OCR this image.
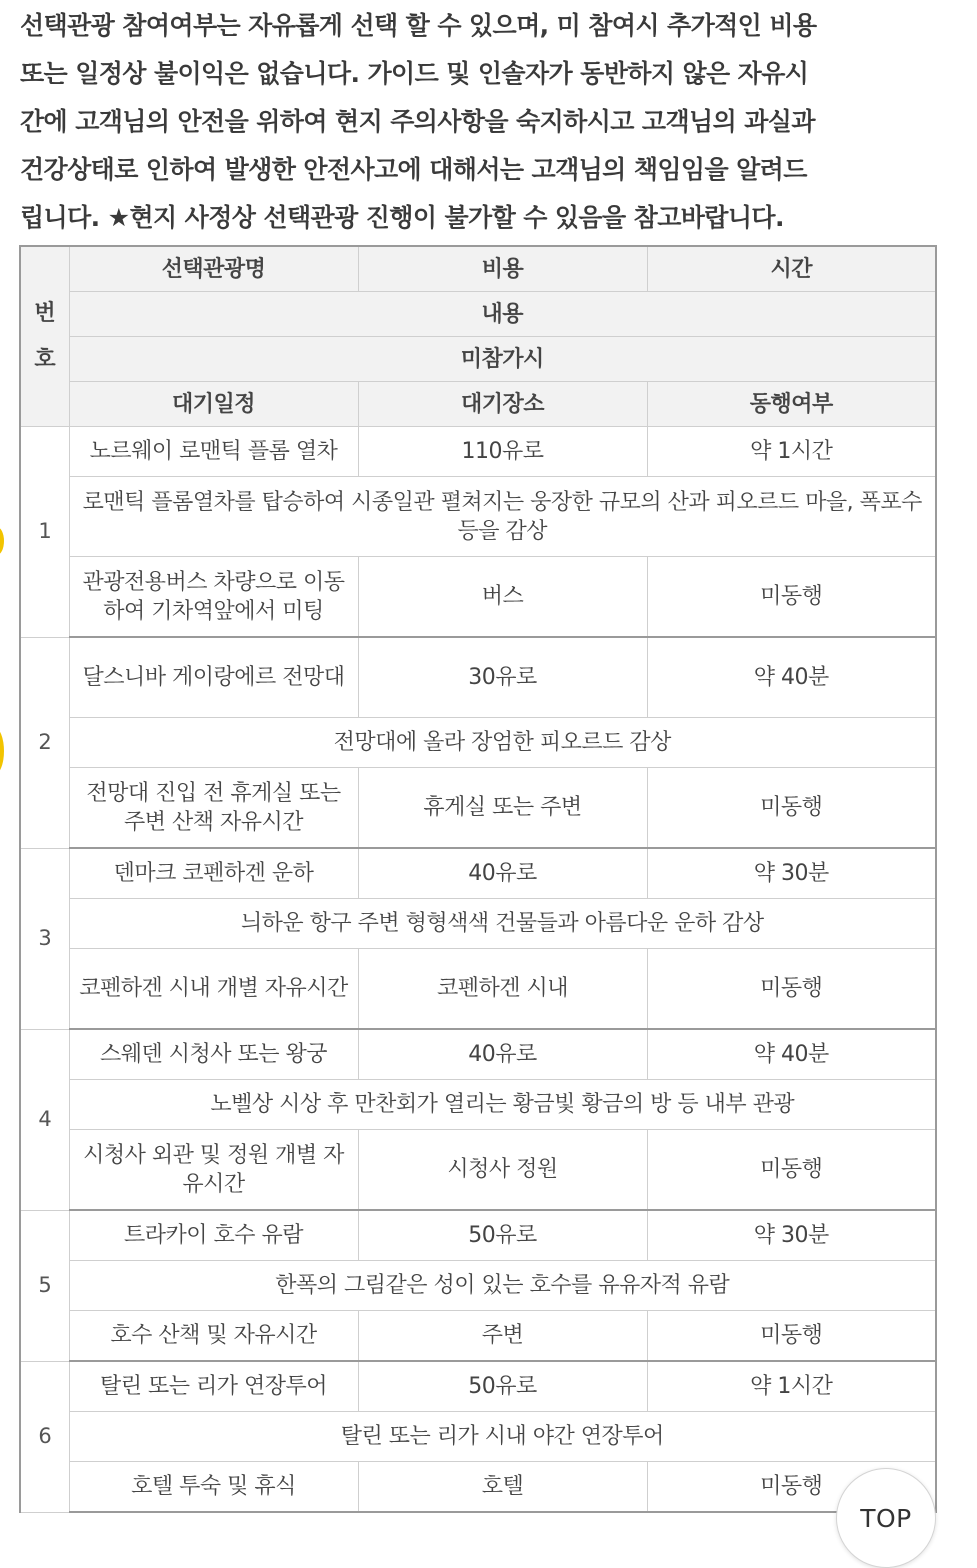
선택관광 참여여부는 자유롭게 선택 할 수 있으며, 미 참여시 추가적인 비용
또는 일정상 불이익은 없습니다. 가이드 및 인솔자가 동반하지 않은 자유시
간에 고객님의 안전을 위하여 현지 주의사항을 숙지하시고 고객님의 과실과
건강상태로 인하여 발생한 안전사고에 대해서는 고객님의 책임임을 알려드
립니다. ★현지 사정상 선택관광 진행이 불가할 수 있음을 참고바랍니다.
번
호	선택관광명	비용	시간
	내용		
	미참가시		
	대기일정	대기장소	동행여부
1	노르웨이 로맨틱 플롬 열차	110유로	약 1시간
	로맨틱 플롬열차를 탑승하여 시종일관 펼쳐지는 웅장한 규모의 산과 피오르드 마을, 폭포수 등을 감상		
	관광전용버스 차량으로 이동하여 기차역앞에서 미팅	버스	미동행
2	달스니바 게이랑에르 전망대	30유로	약 40분
	전망대에 올라 장엄한 피오르드 감상		
	전망대 진입 전 휴게실 또는 주변 산책 자유시간	휴게실 또는 주변	미동행
3	덴마크 코펜하겐 운하	40유로	약 30분
	늬하운 항구 주변 형형색색 건물들과 아름다운 운하 감상		
	코펜하겐 시내 개별 자유시간	코펜하겐 시내	미동행
4	스웨덴 시청사 또는 왕궁	40유로	약 40분
	노벨상 시상 후 만찬회가 열리는 황금빛 황금의 방 등 내부 관광		
	시청사 외관 및 정원 개별 자유시간	시청사 정원	미동행
5	트라카이 호수 유람	50유로	약 30분
	한폭의 그림같은 성이 있는 호수를 유유자적 유람		
	호수 산책 및 자유시간	주변	미동행
6	탈린 또는 리가 연장투어	50유로	약 1시간
	탈린 또는 리가 시내 야간 연장투어		
	호텔 투숙 및 휴식	호텔	미동행
TOP
